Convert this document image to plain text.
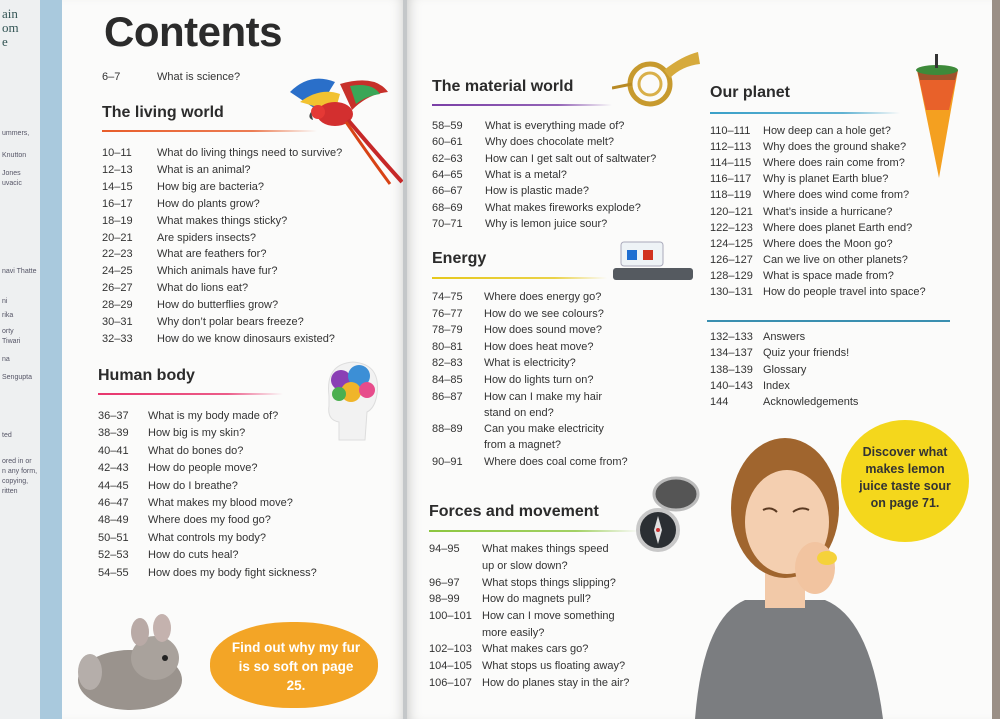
ain
om
e
ummers,
Knutton
Jones
uvacic
navi Thatte
ni
rika
orty
Tiwari
na
Sengupta
ted
ored in or
n any form,
copying,
ritten
Contents
6–7	What is science?
The living world
10–11 What do living things need to survive?
12–13 What is an animal?
14–15 How big are bacteria?
16–17 How do plants grow?
18–19 What makes things sticky?
20–21 Are spiders insects?
22–23 What are feathers for?
24–25 Which animals have fur?
26–27 What do lions eat?
28–29 How do butterflies grow?
30–31 Why don’t polar bears freeze?
32–33 How do we know dinosaurs existed?
Human body
36–37 What is my body made of?
38–39 How big is my skin?
40–41 What do bones do?
42–43 How do people move?
44–45 How do I breathe?
46–47 What makes my blood move?
48–49 Where does my food go?
50–51 What controls my body?
52–53 How do cuts heal?
54–55 How does my body fight sickness?
Find out why my fur is so soft on page 25.
The material world
58–59 What is everything made of?
60–61 Why does chocolate melt?
62–63 How can I get salt out of saltwater?
64–65 What is a metal?
66–67 How is plastic made?
68–69 What makes fireworks explode?
70–71 Why is lemon juice sour?
Energy
74–75 Where does energy go?
76–77 How do we see colours?
78–79 How does sound move?
80–81 How does heat move?
82–83 What is electricity?
84–85 How do lights turn on?
86–87 How can I make my hair
stand on end?
88–89 Can you make electricity
from a magnet?
90–91 Where does coal come from?
Forces and movement
94–95 What makes things speed
up or slow down?
96–97 What stops things slipping?
98–99 How do magnets pull?
100–101 How can I move something
more easily?
102–103 What makes cars go?
104–105 What stops us floating away?
106–107 How do planes stay in the air?
Our planet
110–111 How deep can a hole get?
112–113 Why does the ground shake?
114–115 Where does rain come from?
116–117 Why is planet Earth blue?
118–119 Where does wind come from?
120–121 What’s inside a hurricane?
122–123 Where does planet Earth end?
124–125 Where does the Moon go?
126–127 Can we live on other planets?
128–129 What is space made from?
130–131 How do people travel into space?
132–133 Answers
134–137 Quiz your friends!
138–139 Glossary
140–143 Index
144	Acknowledgements
Discover what makes lemon juice taste sour on page 71.
